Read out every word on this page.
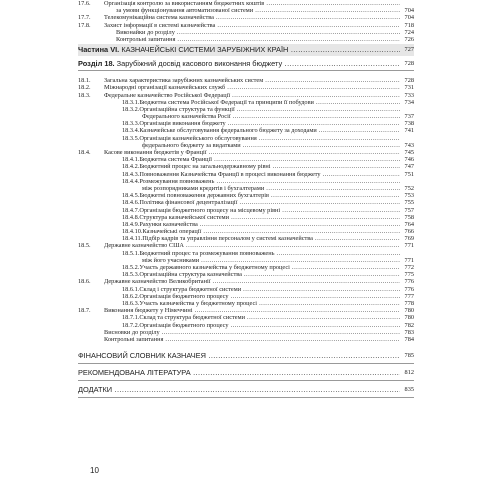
17.6. Організація контролю за використанням бюджетних коштів .....
за умови функціонування автоматизованої системи .....	704
17.7. Телекомунікаційна система казначейства .....	704
17.8. Захист інформації в системі казначейства .....	718
Виконайки до розділу .....	724
Контрольні запитання .....	726
Частина VI. КАЗНАЧЕЙСЬКІ СИСТЕМИ ЗАРУБІЖНИХ КРАЇН .....	727
Розділ 18. Зарубіжний досвід касового виконання бюджету .....	728
18.1. Загальна характеристика зарубіжних казначейських систем .....	728
18.2. Міжнародні організації казначейських служб .....	731
18.3. Федеральне казначейство Російської Федерації .....	733
18.3.1.Бюджетна система Російської Федерації та принципи її побудови .....	734
18.3.2.Організаційна структура та функції .....
Федерального казначейства Росії .....	737
18.3.3.Організація виконання бюджету .....	738
18.3.4.Казначейське обслуговування федерального бюджету за доходами .....	741
18.3.5.Організація казначейського обслуговування .....
федерального бюджету за видатками .....	743
18.4. Касове виконання бюджетів у Франції .....	745
18.4.1.Бюджетна система Франції .....	746
18.4.2.Бюджетний процес на загальнодержавному рівні .....	747
18.4.3.Повноваження Казначейства Франції в процесі виконання бюджету .....	751
18.4.4.Розмежування повноважень .....
між розпорядниками кредитів і бухгалтерами .....	752
18.4.5.Бюджетні повноваження державних бухгалтерів .....	753
18.4.6.Політика фінансової децентралізації .....	755
18.4.7.Організація бюджетного процесу на місцевому рівні .....	757
18.4.8.Структура казначейської системи .....	758
18.4.9.Рахунки казначейства .....	764
18.4.10.Казначейські операції .....	766
18.4.11.Підбір кадрів та управління персоналом у системі казначейства .....	769
18.5. Державне казначейство США .....	771
18.5.1.Бюджетний процес та розмежування повноважень .....
між його учасниками .....	771
18.5.2.Участь державного казначейства у бюджетному процесі .....	772
18.5.3.Організаційна структура казначейства .....	775
18.6. Державне казначейство Великобританії .....	776
18.6.1.Склад і структура бюджетної системи .....	776
18.6.2.Організація бюджетного процесу .....	777
18.6.3.Участь казначейства у бюджетному процесі .....	778
18.7. Виконання бюджету у Німеччині .....	780
18.7.1.Склад та структура бюджетної системи .....	780
18.7.2.Організація бюджетного процесу .....	782
Висновки до розділу .....	783
Контрольні запитання .....	784
ФІНАНСОВИЙ СЛОВНИК КАЗНАЧЕЯ .....	785
РЕКОМЕНДОВАНА ЛІТЕРАТУРА .....	812
ДОДАТКИ .....	835
10
